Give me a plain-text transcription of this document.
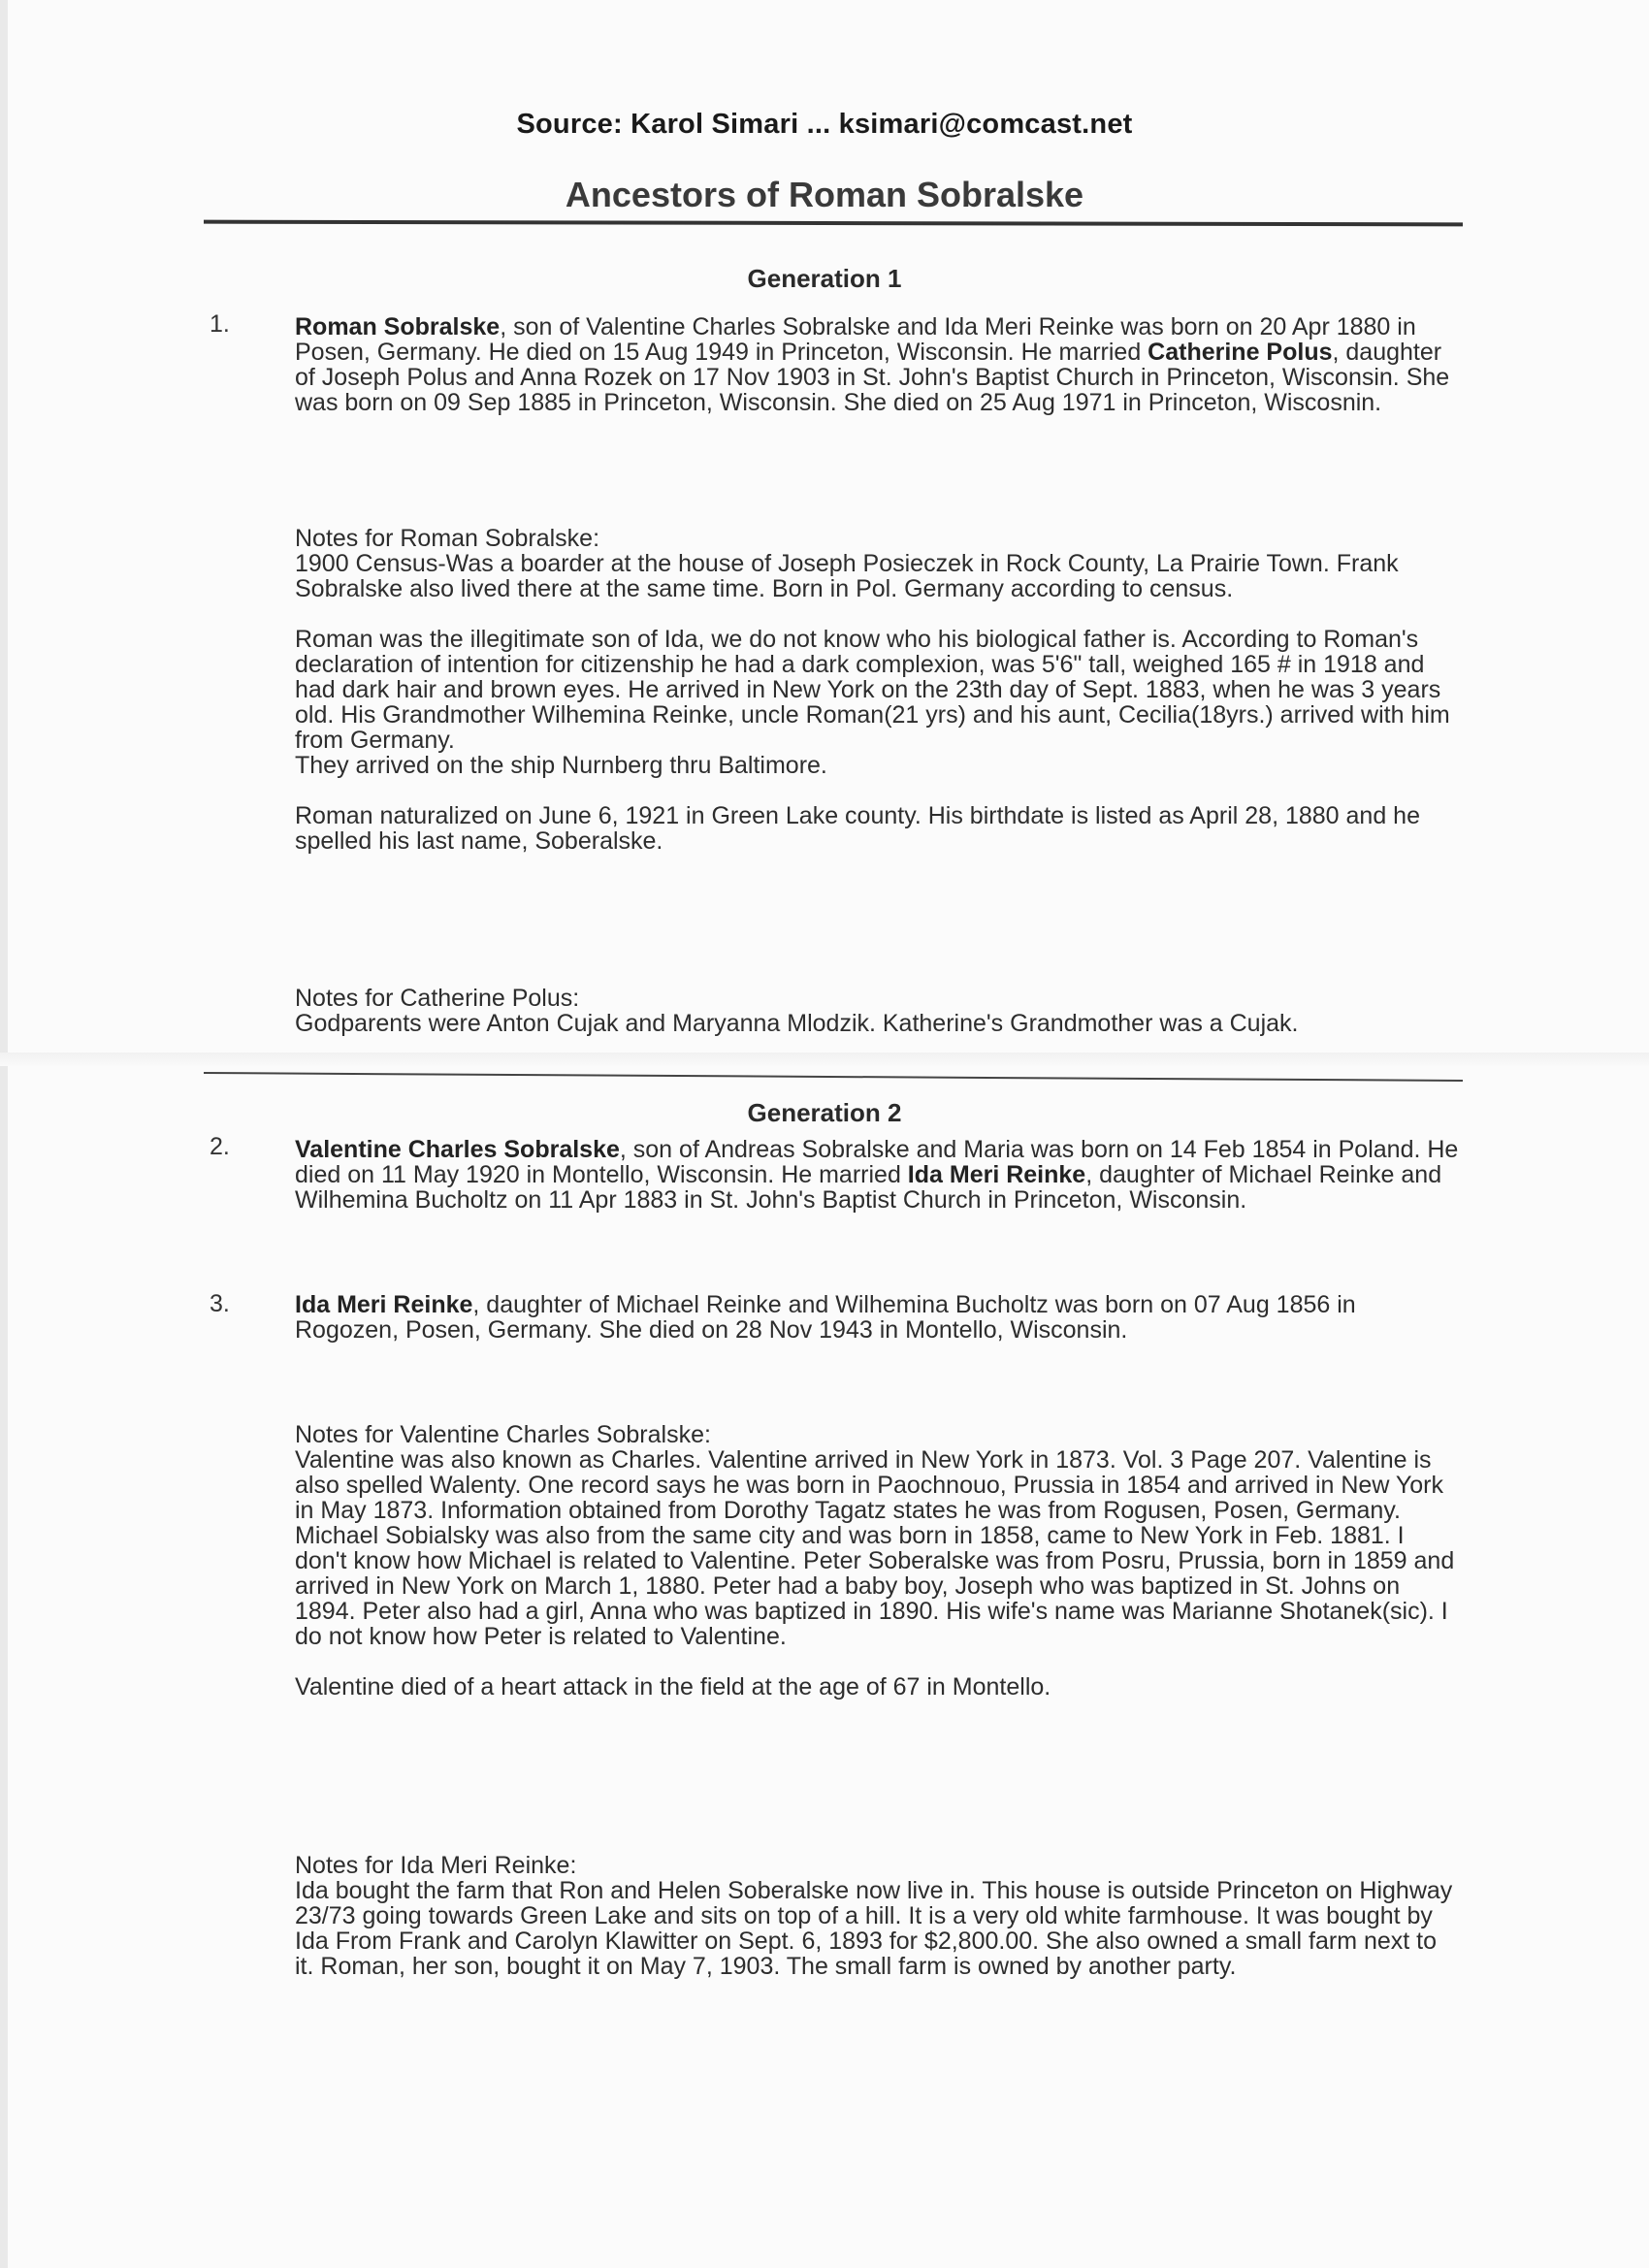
Source: Karol Simari ... ksimari@comcast.net
Ancestors of Roman Sobralske
Generation 1
1.	Roman Sobralske, son of Valentine Charles Sobralske and Ida Meri Reinke was born on 20 Apr 1880 in Posen, Germany. He died on 15 Aug 1949 in Princeton, Wisconsin. He married Catherine Polus, daughter of Joseph Polus and Anna Rozek on 17 Nov 1903 in St. John's Baptist Church in Princeton, Wisconsin. She was born on 09 Sep 1885 in Princeton, Wisconsin. She died on 25 Aug 1971 in Princeton, Wiscosnin.
Notes for Roman Sobralske:
1900 Census-Was a boarder at the house of Joseph Posieczek in Rock County, La Prairie Town. Frank Sobralske also lived there at the same time. Born in Pol. Germany according to census.
Roman was the illegitimate son of Ida, we do not know who his biological father is. According to Roman's declaration of intention for citizenship he had a dark complexion, was 5'6" tall, weighed 165 # in 1918 and had dark hair and brown eyes. He arrived in New York on the 23th day of Sept. 1883, when he was 3 years old. His Grandmother Wilhemina Reinke, uncle Roman(21 yrs) and his aunt, Cecilia(18yrs.) arrived with him from Germany.
They arrived on the ship Nurnberg thru Baltimore.
Roman naturalized on June 6, 1921 in Green Lake county. His birthdate is listed as April 28, 1880 and he spelled his last name, Soberalske.
Notes for Catherine Polus:
Godparents were Anton Cujak and Maryanna Mlodzik. Katherine's Grandmother was a Cujak.
Generation 2
2.	Valentine Charles Sobralske, son of Andreas Sobralske and Maria was born on 14 Feb 1854 in Poland. He died on 11 May 1920 in Montello, Wisconsin. He married Ida Meri Reinke, daughter of Michael Reinke and Wilhemina Bucholtz on 11 Apr 1883 in St. John's Baptist Church in Princeton, Wisconsin.
3.	Ida Meri Reinke, daughter of Michael Reinke and Wilhemina Bucholtz was born on 07 Aug 1856 in Rogozen, Posen, Germany. She died on 28 Nov 1943 in Montello, Wisconsin.
Notes for Valentine Charles Sobralske:
Valentine was also known as Charles. Valentine arrived in New York in 1873. Vol. 3 Page 207. Valentine is also spelled Walenty. One record says he was born in Paochnouo, Prussia in 1854 and arrived in New York in May 1873. Information obtained from Dorothy Tagatz states he was from Rogusen, Posen, Germany. Michael Sobialsky was also from the same city and was born in 1858, came to New York in Feb. 1881. I don't know how Michael is related to Valentine. Peter Soberalske was from Posru, Prussia, born in 1859 and arrived in New York on March 1, 1880. Peter had a baby boy, Joseph who was baptized in St. Johns on 1894. Peter also had a girl, Anna who was baptized in 1890. His wife's name was Marianne Shotanek(sic). I do not know how Peter is related to Valentine.
Valentine died of a heart attack in the field at the age of 67 in Montello.
Notes for Ida Meri Reinke:
Ida bought the farm that Ron and Helen Soberalske now live in. This house is outside Princeton on Highway 23/73 going towards Green Lake and sits on top of a hill. It is a very old white farmhouse. It was bought by Ida From Frank and Carolyn Klawitter on Sept. 6, 1893 for $2,800.00. She also owned a small farm next to it. Roman, her son, bought it on May 7, 1903. The small farm is owned by another party.
